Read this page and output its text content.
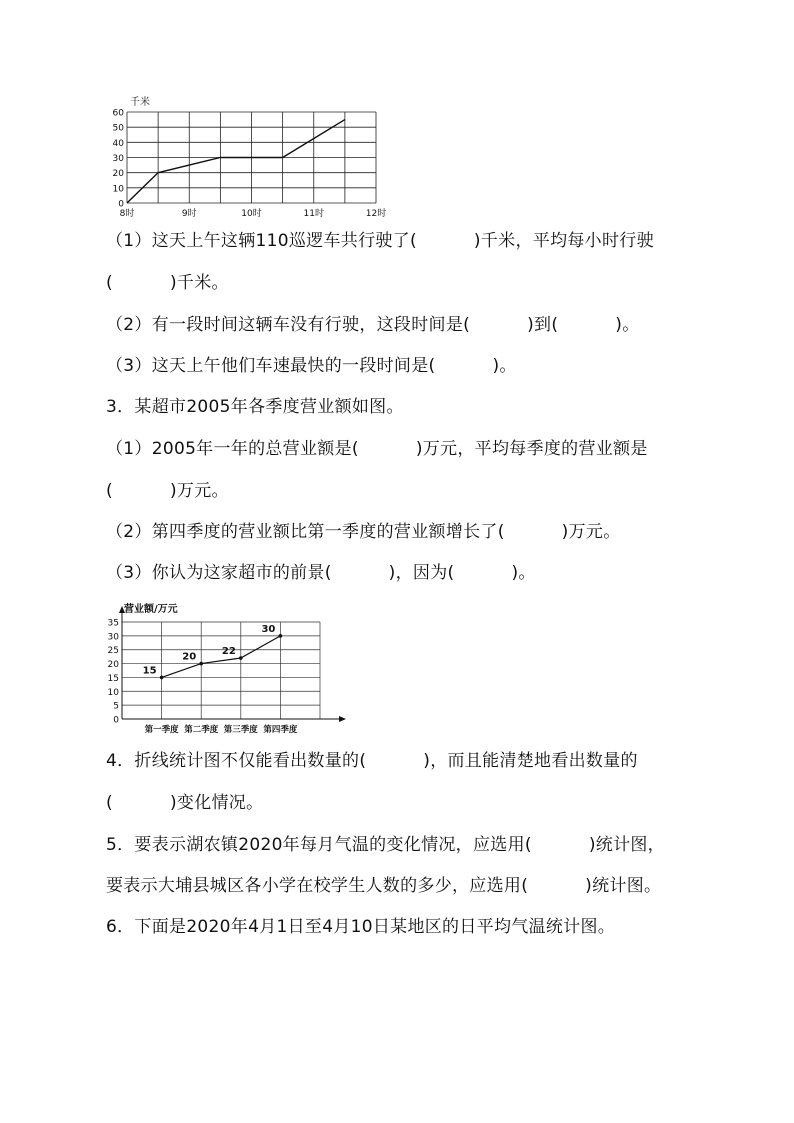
千米
0
10
20
30
40
50
60
8时	9时	10时	11时	12时
（1）这天上午这辆110巡逻车共行驶了(          )千米，平均每小时行驶
(          )千米。
（2）有一段时间这辆车没有行驶，这段时间是(          )到(          )。
（3）这天上午他们车速最快的一段时间是(          )。
3．某超市2005年各季度营业额如图。
（1）2005年一年的总营业额是(          )万元，平均每季度的营业额是
(          )万元。
（2）第四季度的营业额比第一季度的营业额增长了(          )万元。
（3）你认为这家超市的前景(          )，因为(          )。
营业额/万元
0
5
10
15
20
25
30
35
第一季度 第二季度 第三季度 第四季度
15
20
22
30
4．折线统计图不仅能看出数量的(          )，而且能清楚地看出数量的
(          )变化情况。
5．要表示湖农镇2020年每月气温的变化情况，应选用(          )统计图，
要表示大埔县城区各小学在校学生人数的多少，应选用(          )统计图。
6．下面是2020年4月1日至4月10日某地区的日平均气温统计图。
